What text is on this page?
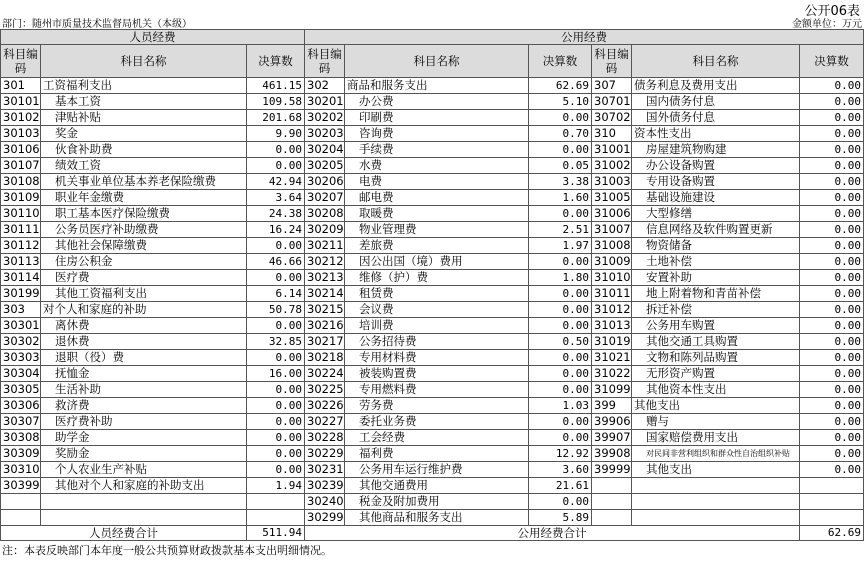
公开06表
部门：随州市质量技术监督局机关（本级）	金额单位：万元
人员经费			公用经费					
科目编码	科目名称	决算数	科目编码	科目名称	决算数	科目编码	科目名称	决算数
301	工资福利支出	461.15	302	商品和服务支出	62.69	307	债务利息及费用支出	0.00
30101	基本工资	109.58	30201	办公费	5.10	30701	国内债务付息	0.00
30102	津贴补贴	201.68	30202	印刷费	0.00	30702	国外债务付息	0.00
30103	奖金	9.90	30203	咨询费	0.70	310	资本性支出	0.00
30106	伙食补助费	0.00	30204	手续费	0.00	31001	房屋建筑物购建	0.00
30107	绩效工资	0.00	30205	水费	0.05	31002	办公设备购置	0.00
30108	机关事业单位基本养老保险缴费	42.94	30206	电费	3.38	31003	专用设备购置	0.00
30109	职业年金缴费	3.64	30207	邮电费	1.60	31005	基础设施建设	0.00
30110	职工基本医疗保险缴费	24.38	30208	取暖费	0.00	31006	大型修缮	0.00
30111	公务员医疗补助缴费	16.24	30209	物业管理费	2.51	31007	信息网络及软件购置更新	0.00
30112	其他社会保障缴费	0.00	30211	差旅费	1.97	31008	物资储备	0.00
30113	住房公积金	46.66	30212	因公出国（境）费用	0.00	31009	土地补偿	0.00
30114	医疗费	0.00	30213	维修（护）费	1.80	31010	安置补助	0.00
30199	其他工资福利支出	6.14	30214	租赁费	0.00	31011	地上附着物和青苗补偿	0.00
303	对个人和家庭的补助	50.78	30215	会议费	0.00	31012	拆迁补偿	0.00
30301	离休费	0.00	30216	培训费	0.00	31013	公务用车购置	0.00
30302	退休费	32.85	30217	公务招待费	0.50	31019	其他交通工具购置	0.00
30303	退职（役）费	0.00	30218	专用材料费	0.00	31021	文物和陈列品购置	0.00
30304	抚恤金	16.00	30224	被装购置费	0.00	31022	无形资产购置	0.00
30305	生活补助	0.00	30225	专用燃料费	0.00	31099	其他资本性支出	0.00
30306	救济费	0.00	30226	劳务费	1.03	399	其他支出	0.00
30307	医疗费补助	0.00	30227	委托业务费	0.00	39906	赠与	0.00
30308	助学金	0.00	30228	工会经费	0.00	39907	国家赔偿费用支出	0.00
30309	奖励金	0.00	30229	福利费	12.92	39908	对民间非营利组织和群众性自治组织补贴	0.00
30310	个人农业生产补贴	0.00	30231	公务用车运行维护费	3.60	39999	其他支出	0.00
30399	其他对个人和家庭的补助支出	1.94	30239	其他交通费用	21.61			
			30240	税金及附加费用	0.00			
			30299	其他商品和服务支出	5.89			
人员经费合计		511.94	公用经费合计					62.69
注：本表反映部门本年度一般公共预算财政拨款基本支出明细情况。
